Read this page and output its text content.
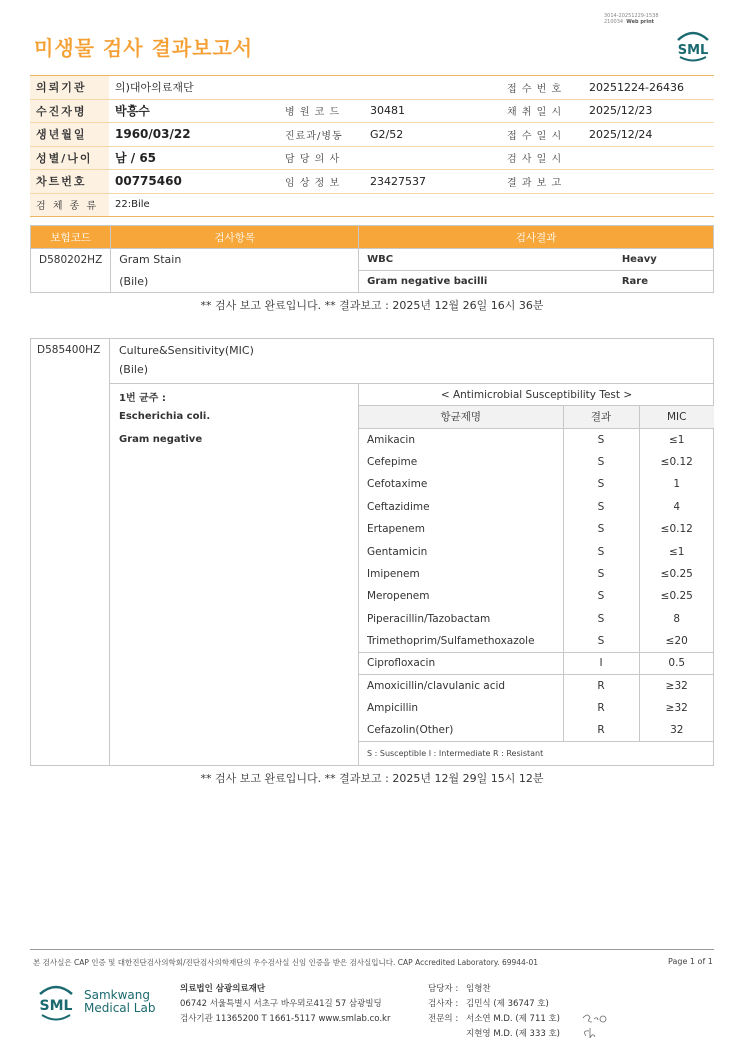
미생물 검사 결과보고서
3014-20251229-1538
210034 Web print
SML
의뢰기관	의)대아의료재단			접 수 번 호	20251224-26436
수진자명	박흥수	병 원 코 드	30481	채 취 일 시	2025/12/23
생년월일	1960/03/22	진료과/병동	G2/52	접 수 일 시	2025/12/24
성별/나이	남 / 65	담 당 의 사		검 사 일 시	
차트번호	00775460	임 상 정 보	23427537	결 과 보 고	
검 체 종 류	22:Bile				
보험코드	검사항목	검사결과	
D580202HZ	Gram Stain	WBC	Heavy
	(Bile)	Gram negative bacilli	Rare
** 검사 보고 완료입니다. ** 결과보고 : 2025년 12월 26일 16시 36분
D585400HZ Culture&Sensitivity(MIC)
(Bile)
1번 균주 :
Escherichia coli.
Gram negative
< Antimicrobial Susceptibility Test >
항균제명	결과	MIC
Amikacin	S	≤1
Cefepime	S	≤0.12
Cefotaxime	S	1
Ceftazidime	S	4
Ertapenem	S	≤0.12
Gentamicin	S	≤1
Imipenem	S	≤0.25
Meropenem	S	≤0.25
Piperacillin/Tazobactam	S	8
Trimethoprim/Sulfamethoxazole	S	≤20
Ciprofloxacin	I	0.5
Amoxicillin/clavulanic acid	R	≥32
Ampicillin	R	≥32
Cefazolin(Other)	R	32
S : Susceptible I : Intermediate R : Resistant
** 검사 보고 완료입니다. ** 결과보고 : 2025년 12월 29일 15시 12분
본 검사실은 CAP 인증 및 대한진단검사의학회/진단검사의학재단의 우수검사실 신임 인증을 받은 검사실입니다. CAP Accredited Laboratory. 69944-01	Page 1 of 1
SML
Samkwang
Medical Lab
의료법인 삼광의료재단
06742 서울특별시 서초구 바우뫼로41길 57 삼광빌딩
검사기관 11365200 T 1661-5117 www.smlab.co.kr
담당자 : 임형찬
검사자 : 김민식 (제 36747 호)
전문의 : 서소연 M.D. (제 711 호)
지현영 M.D. (제 333 호)
